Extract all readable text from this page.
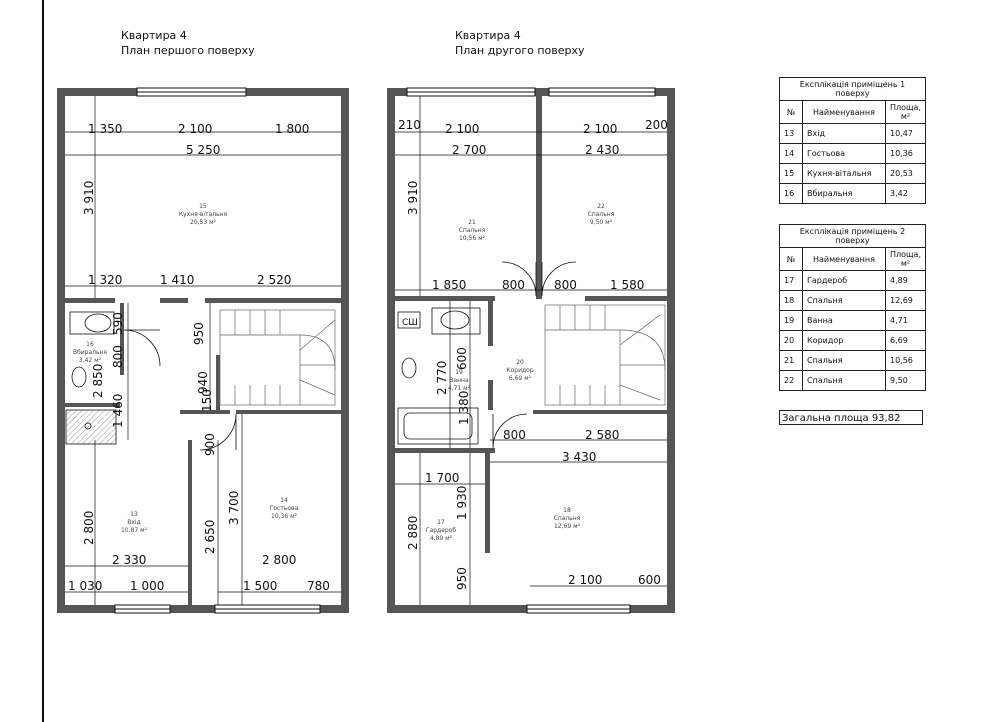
Квартира 4
План першого поверху
Квартира 4
План другого поверху
1 350	2 100	1 800
5 250
3 910
1 320	1 410	2 520
950
590
800
2 850
1 460
940
150
900
2 800
2 330
2 650
3 700
2 800
1 030 1 000	1 500 780
15
Кухня-вітальня
20,53 м²
16
Вбиральня
3,42 м²
13
Вхід
10,87 м²
14
Гостьова
10,36 м²
СШ
210 2 100	2 100 200
2 700	2 430
3 910
1 850	800 800	1 580
600
2 770
1 380
800	2 580
3 430
1 700
1 930
2 880
950	2 100	600
21
Спальня
10,56 м²
22
Спальня
9,50 м²
19
Ванна
4,71 м²
20
Коридор
6,69 м²
17
Гардероб
4,89 м²
18
Спальня
12,69 м²
Експлікація приміщень 1 поверху		
№	Найменування	Площа,
м²
13	Вхід	10,47
14	Гостьова	10,36
15	Кухня-вітальня	20,53
16	Вбиральня	3,42
Експлікація приміщень 2 поверху		
№	Найменування	Площа,
м²
17	Гардероб	4,89
18	Спальня	12,69
19	Ванна	4,71
20	Коридор	6,69
21	Спальня	10,56
22	Спальня	9,50
Загальна площа 93,82
